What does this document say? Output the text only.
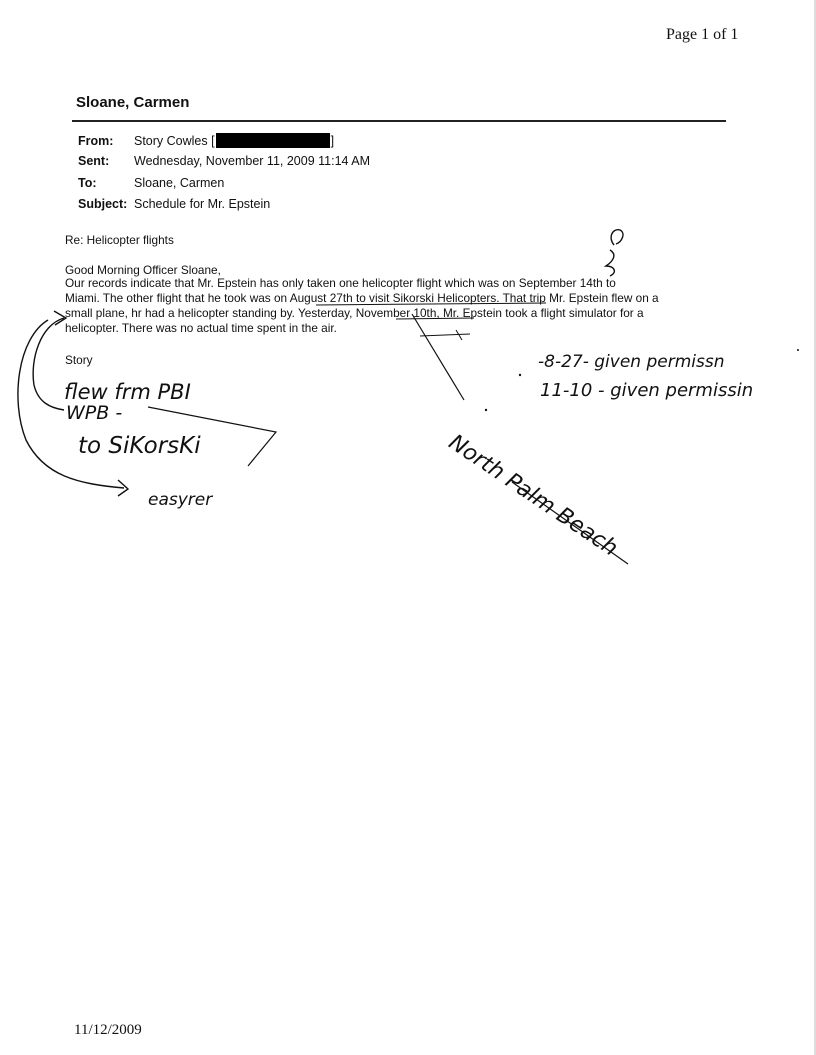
Page 1 of 1
Sloane, Carmen
From: Story Cowles [	]
Sent: Wednesday, November 11, 2009 11:14 AM
To:	Sloane, Carmen
Subject: Schedule for Mr. Epstein
Re: Helicopter flights
Good Morning Officer Sloane,
Our records indicate that Mr. Epstein has only taken one helicopter flight which was on September 14th to
Miami. The other flight that he took was on August 27th to visit Sikorski Helicopters. That trip Mr. Epstein flew on a
small plane, hr had a helicopter standing by. Yesterday, November 10th, Mr. Epstein took a flight simulator for a
helicopter. There was no actual time spent in the air.
Story
flew frm PBI
WPB -
to SiKorsKi
easyrer
-8-27- given permissn
11-10 - given permissin
North Palm Beach
11/12/2009
